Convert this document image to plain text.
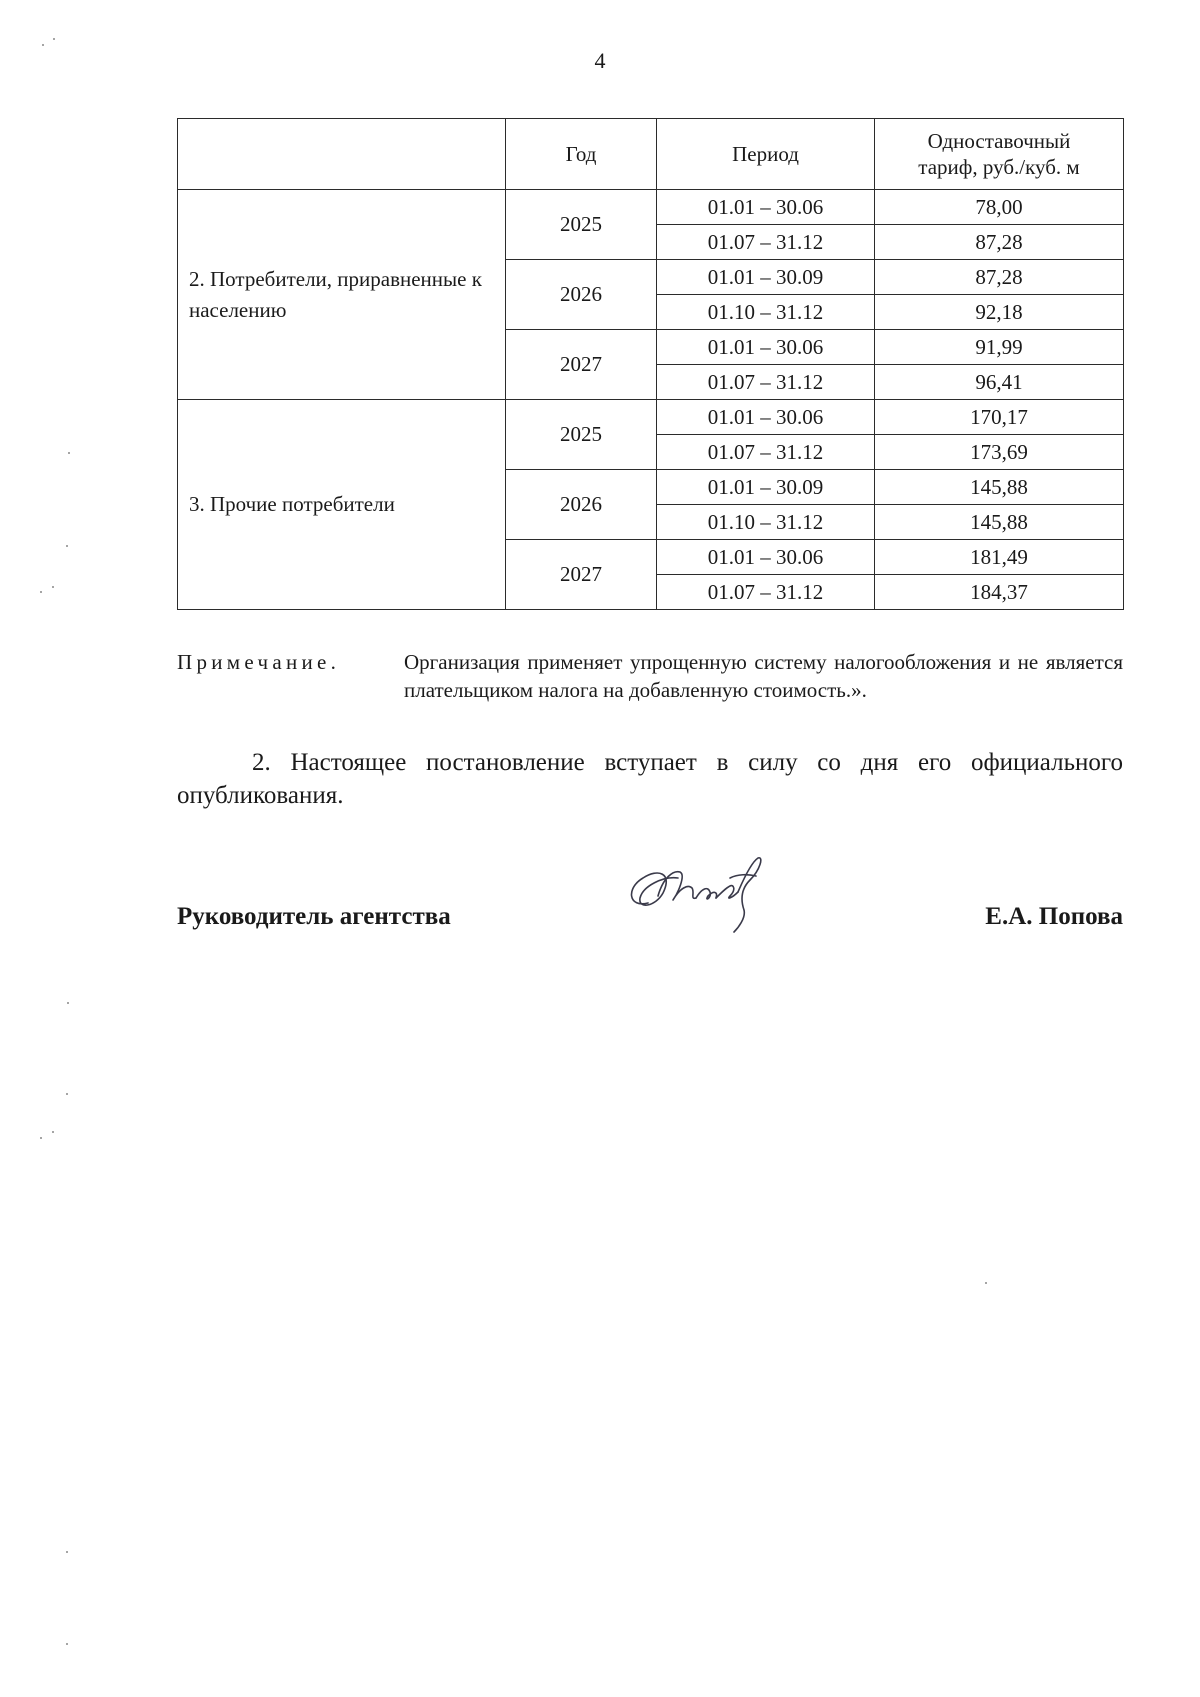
4
	Год	Период	Одноставочный тариф, руб./куб. м
2. Потребители, приравненные к населению	2025	01.01 – 30.06	78,00
		01.07 – 31.12	87,28
	2026	01.01 – 30.09	87,28
		01.10 – 31.12	92,18
	2027	01.01 – 30.06	91,99
		01.07 – 31.12	96,41
3. Прочие потребители	2025	01.01 – 30.06	170,17
		01.07 – 31.12	173,69
	2026	01.01 – 30.09	145,88
		01.10 – 31.12	145,88
	2027	01.01 – 30.06	181,49
		01.07 – 31.12	184,37
Примечание.	Организация применяет упрощенную систему налогообложения и не является плательщиком налога на добавленную стоимость.».
2. Настоящее постановление вступает в силу со дня его официального опубликования.
Руководитель агентства	Е.А. Попова
